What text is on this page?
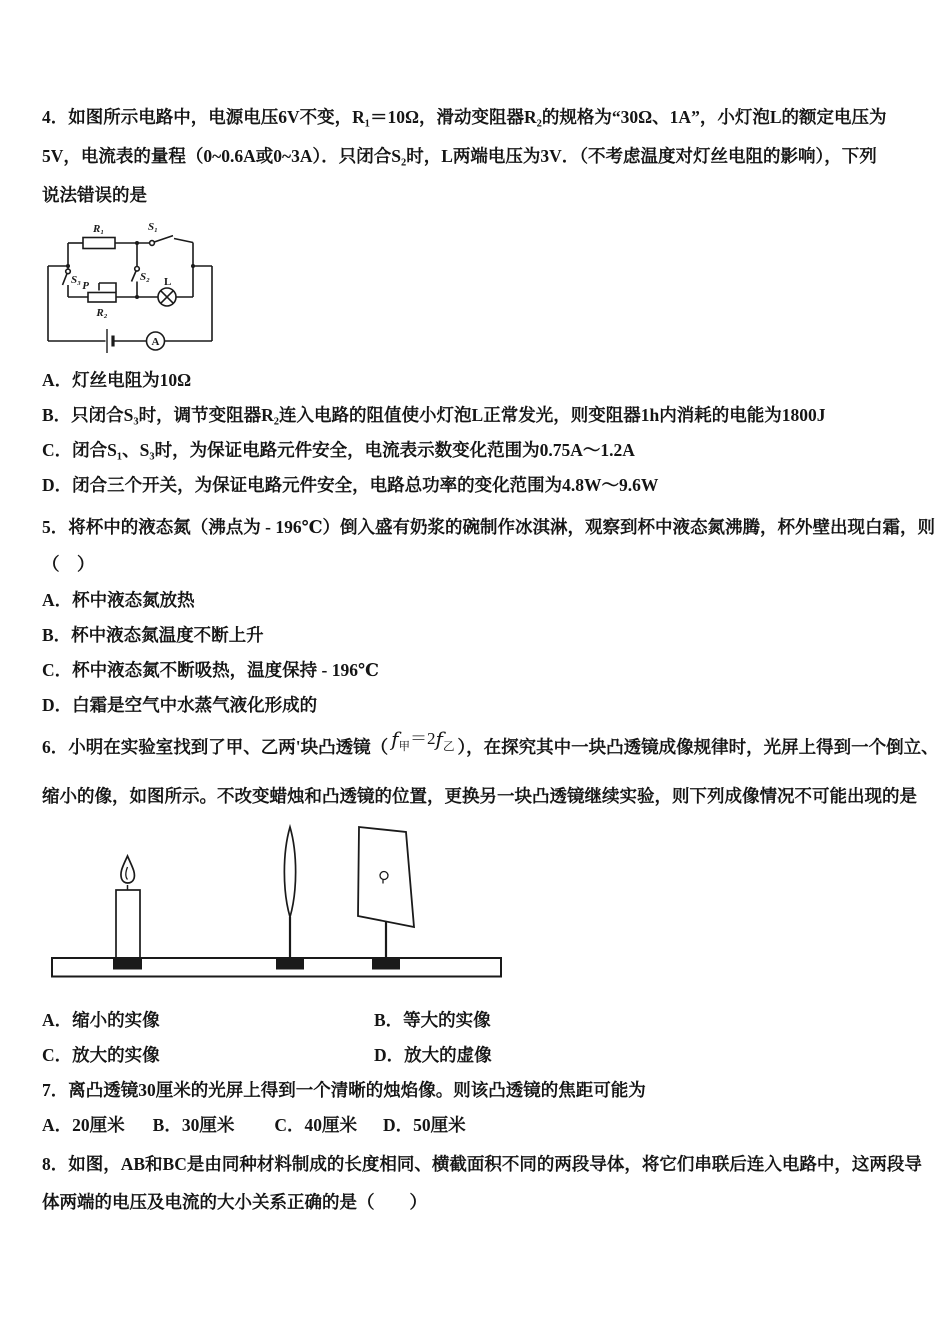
4．如图所示电路中，电源电压6V不变，R₁＝10Ω，滑动变阻器R₂的规格为“30Ω、1A”，小灯泡L的额定电压为

5V，电流表的量程（0~0.6A或0~3A）．只闭合S₂时，L两端电压为3V．（不考虑温度对灯丝电阻的影响），下列

说法错误的是

R₁	S₁
S₂
S₃ P
R₂
L
A

A．灯丝电阻为10Ω

B．只闭合S₃时，调节变阻器R₂连入电路的阻值使小灯泡L正常发光，则变阻器1h内消耗的电能为1800J

C．闭合S₁、S₃时，为保证电路元件安全，电流表示数变化范围为0.75A～1.2A

D．闭合三个开关，为保证电路元件安全，电路总功率的变化范围为4.8W～9.6W

5．将杯中的液态氮（沸点为 - 196℃）倒入盛有奶浆的碗制作冰淇淋，观察到杯中液态氮沸腾，杯外壁出现白霜，则

（　）

A．杯中液态氮放热

B．杯中液态氮温度不断上升

C．杯中液态氮不断吸热，温度保持 - 196℃

D．白霜是空气中水蒸气液化形成的

6．小明在实验室找到了甲、乙两'块凸透镜（ $f_甲=2f_乙$ ），在探究其中一块凸透镜成像规律时，光屏上得到一个倒立、

缩小的像，如图所示。不改变蜡烛和凸透镜的位置，更换另一块凸透镜继续实验，则下列成像情况不可能出现的是

A．缩小的实像	B．等大的实像

C．放大的实像	D．放大的虚像

7．离凸透镜30厘米的光屏上得到一个清晰的烛焰像。则该凸透镜的焦距可能为

A．20厘米 B．30厘米 C．40厘米 D．50厘米

8．如图，AB和BC是由同种材料制成的长度相同、横截面积不同的两段导体，将它们串联后连入电路中，这两段导

体两端的电压及电流的大小关系正确的是（　　）
